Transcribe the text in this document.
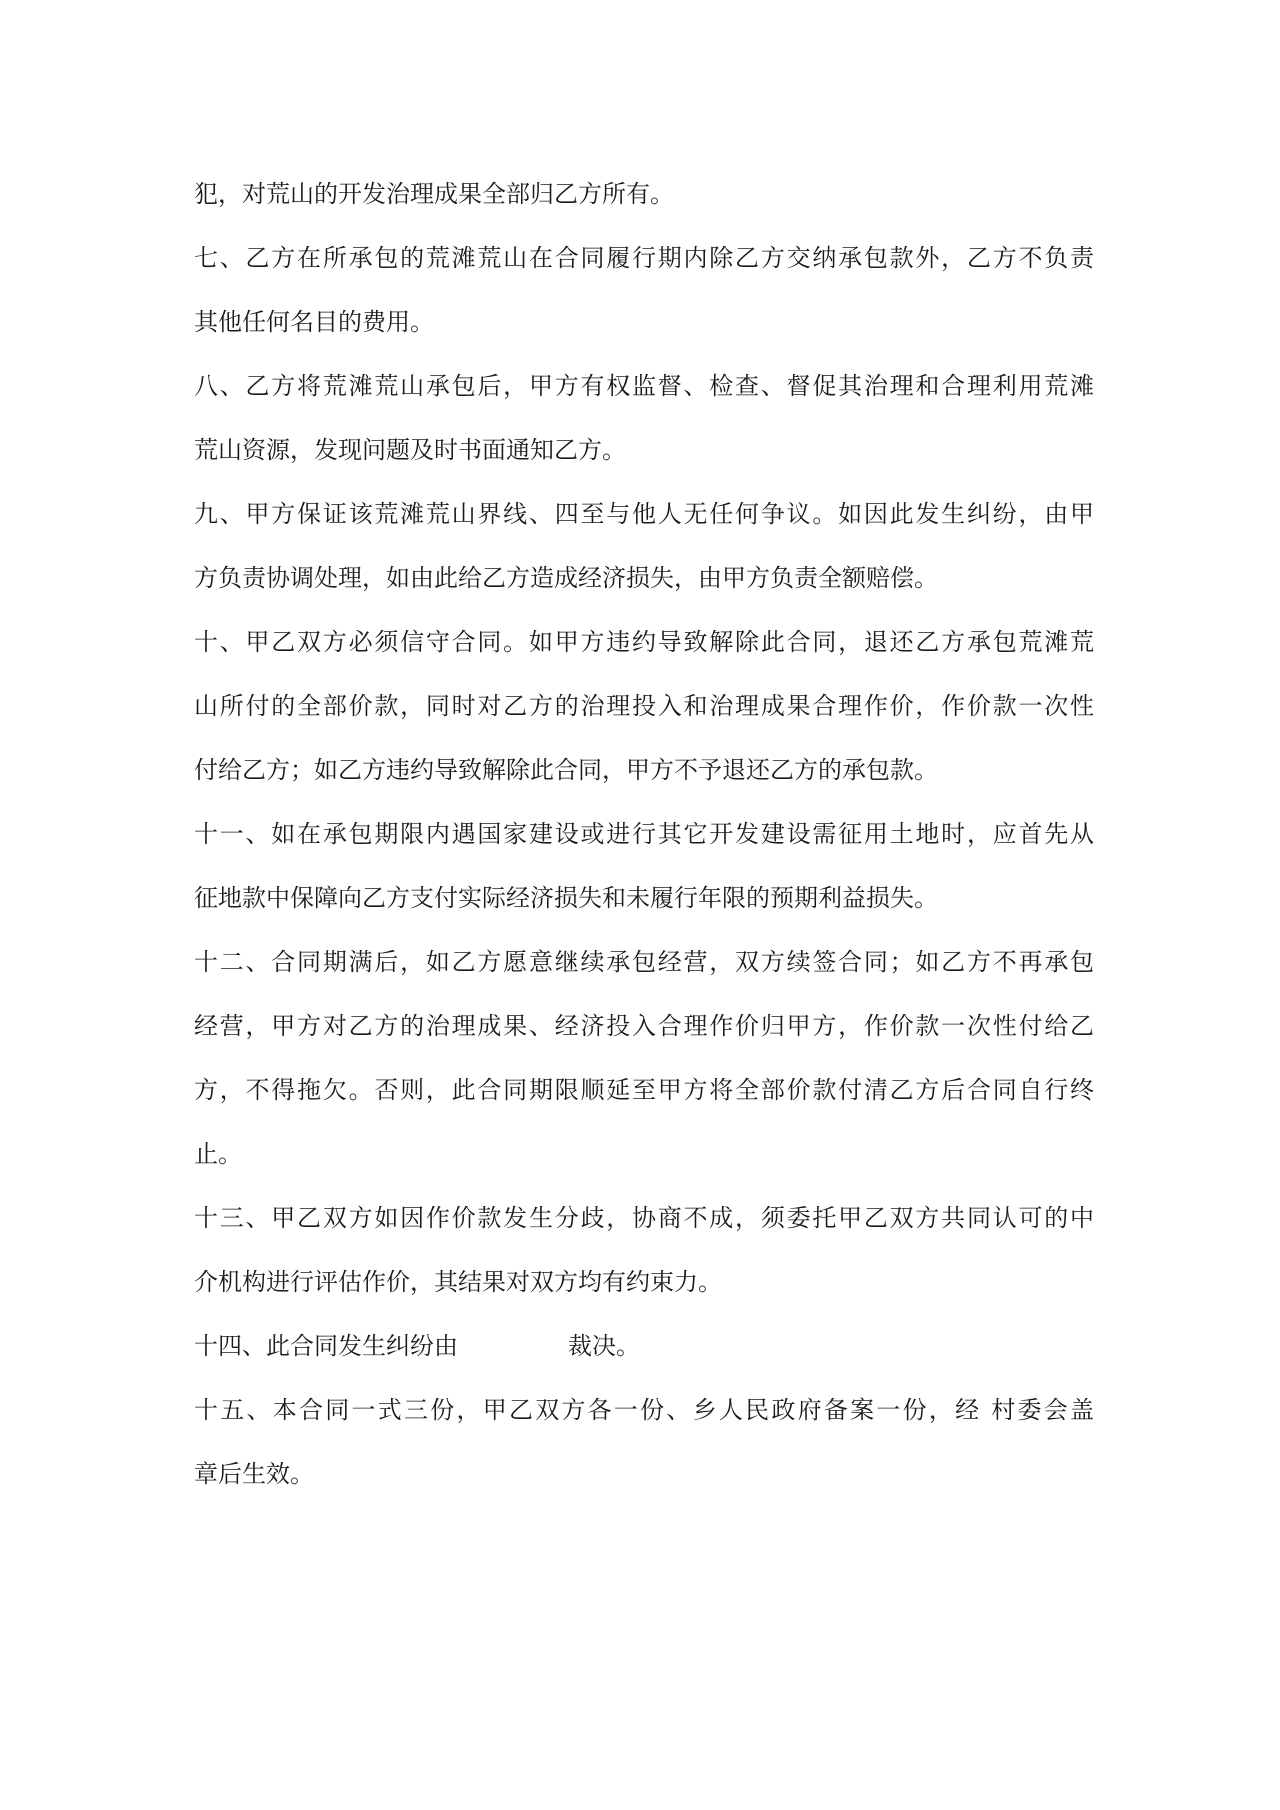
犯，对荒山的开发治理成果全部归乙方所有。
七、乙方在所承包的荒滩荒山在合同履行期内除乙方交纳承包款外，乙方不负责
其他任何名目的费用。
八、乙方将荒滩荒山承包后，甲方有权监督、检查、督促其治理和合理利用荒滩
荒山资源，发现问题及时书面通知乙方。
九、甲方保证该荒滩荒山界线、四至与他人无任何争议。如因此发生纠纷，由甲
方负责协调处理，如由此给乙方造成经济损失，由甲方负责全额赔偿。
十、甲乙双方必须信守合同。如甲方违约导致解除此合同，退还乙方承包荒滩荒
山所付的全部价款，同时对乙方的治理投入和治理成果合理作价，作价款一次性
付给乙方；如乙方违约导致解除此合同，甲方不予退还乙方的承包款。
十一、如在承包期限内遇国家建设或进行其它开发建设需征用土地时，应首先从
征地款中保障向乙方支付实际经济损失和未履行年限的预期利益损失。
十二、合同期满后，如乙方愿意继续承包经营，双方续签合同；如乙方不再承包
经营，甲方对乙方的治理成果、经济投入合理作价归甲方，作价款一次性付给乙
方，不得拖欠。否则，此合同期限顺延至甲方将全部价款付清乙方后合同自行终
止。
十三、甲乙双方如因作价款发生分歧，协商不成，须委托甲乙双方共同认可的中
介机构进行评估作价，其结果对双方均有约束力。
十四、此合同发生纠纷由	裁决。
十五、本合同一式三份，甲乙双方各一份、乡人民政府备案一份，经 村委会盖
章后生效。
